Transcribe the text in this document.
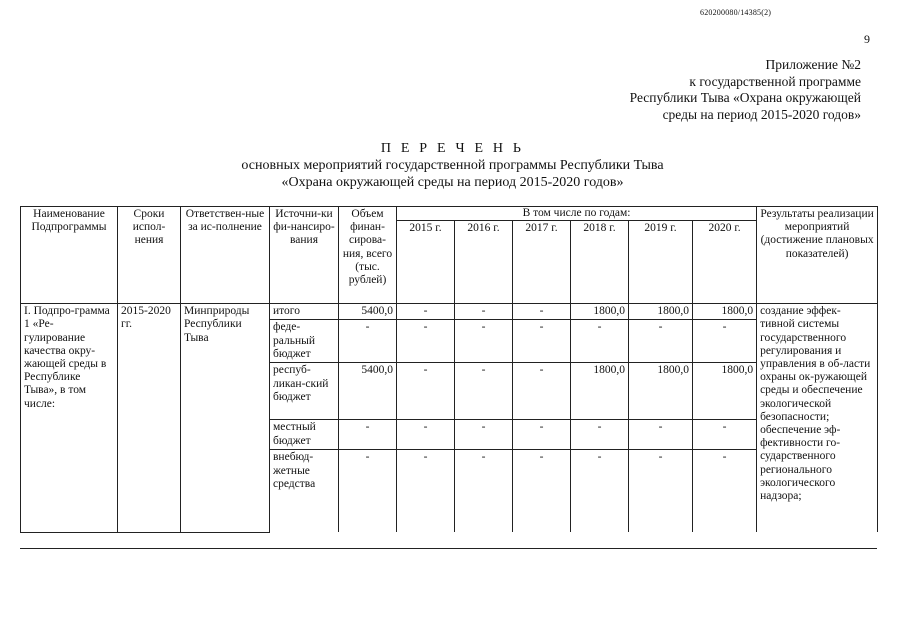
620200080/14385(2)
9
Приложение №2
к государственной программе
Республики Тыва «Охрана окружающей
среды на период 2015-2020 годов»
П Е Р Е Ч Е Н Ь
основных мероприятий государственной программы Республики Тыва
«Охрана окружающей среды на период 2015-2020 годов»
Наименование Подпрограммы	Сроки испол-нения	Ответствен-ные за ис-полнение	Источни-ки фи-нансиро-вания	Объем финан-сирова-ния, всего (тыс. рублей)	В том числе по годам:						Результаты реализации мероприятий (достижение плановых показателей)
					2015 г.	2016 г.	2017 г.	2018 г.	2019 г.	2020 г.	
I. Подпро-грамма 1 «Ре-гулирование качества окру-жающей среды в Республике Тыва», в том числе:	2015-2020 гг.	Минприроды Республики Тыва	итого	5400,0	-	-	-	1800,0	1800,0	1800,0	создание эффек-тивной системы государственного регулирования и управления в об-ласти охраны ок-ружающей среды и обеспечение экологической безопасности; обеспечение эф-фективности го-сударственного регионального экологического надзора;
			феде-ральный бюджет	-	-	-	-	-	-	-	
			респуб-ликан-ский бюджет	5400,0	-	-	-	1800,0	1800,0	1800,0	
			местный бюджет	-	-	-	-	-	-	-	
			внебюд-жетные средства	-	-	-	-	-	-	-	
